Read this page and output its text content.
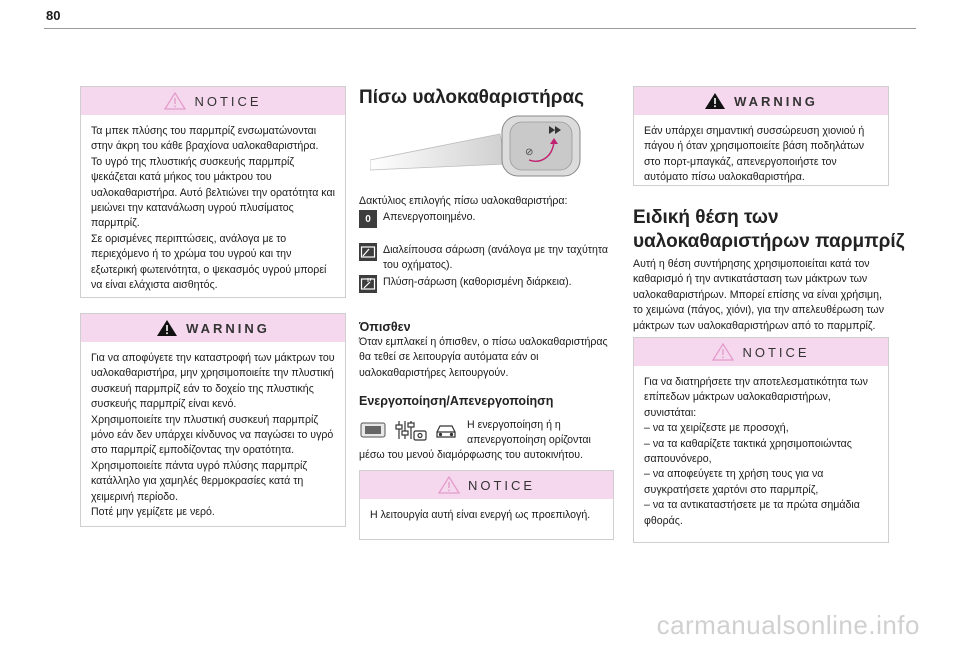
80
NOTICE

Τα μπεκ πλύσης του παρμπρίζ ενσωματώνονται στην άκρη του κάθε βραχίονα υαλοκαθαριστήρα.

Το υγρό της πλυστικής συσκευής παρμπρίζ ψεκάζεται κατά μήκος του μάκτρου του υαλοκαθαριστήρα. Αυτό βελτιώνει την ορατότητα και μειώνει την κατανάλωση υγρού πλυσίματος παρμπρίζ.

Σε ορισμένες περιπτώσεις, ανάλογα με το περιεχόμενο ή το χρώμα του υγρού και την εξωτερική φωτεινότητα, ο ψεκασμός υγρού μπορεί να είναι ελάχιστα αισθητός.

WARNING

Για να αποφύγετε την καταστροφή των μάκτρων του υαλοκαθαριστήρα, μην χρησιμοποιείτε την πλυστική συσκευή παρμπρίζ εάν το δοχείο της πλυστικής συσκευής παρμπρίζ είναι κενό.

Χρησιμοποιείτε την πλυστική συσκευή παρμπρίζ μόνο εάν δεν υπάρχει κίνδυνος να παγώσει το υγρό στο παρμπρίζ εμποδίζοντας την ορατότητα.

Χρησιμοποιείτε πάντα υγρό πλύσης παρμπρίζ κατάλληλο για χαμηλές θερμοκρασίες κατά τη χειμερινή περίοδο.

Ποτέ μην γεμίζετε με νερό.

Πίσω υαλοκαθαριστήρας
⊘
Δακτύλιος επιλογής πίσω υαλοκαθαριστήρα:
0	Απενεργοποιημένο.
Διαλείπουσα σάρωση (ανάλογα με την ταχύτητα του οχήματος).
Πλύση-σάρωση (καθορισμένη διάρκεια).
Όπισθεν
Όταν εμπλακεί η όπισθεν, ο πίσω υαλοκαθαριστήρας θα τεθεί σε λειτουργία αυτόματα εάν οι υαλοκαθαριστήρες λειτουργούν.
Ενεργοποίηση/Απενεργοποίηση
Η ενεργοποίηση ή η
απενεργοποίηση ορίζονται
μέσω του μενού διαμόρφωσης του αυτοκινήτου.
NOTICE

Η λειτουργία αυτή είναι ενεργή ως προεπιλογή.

WARNING

Εάν υπάρχει σημαντική συσσώρευση χιονιού ή πάγου ή όταν χρησιμοποιείτε βάση ποδηλάτων στο πορτ-μπαγκάζ, απενεργοποιήστε τον αυτόματο πίσω υαλοκαθαριστήρα.

Ειδική θέση των
υαλοκαθαριστήρων παρμπρίζ
Αυτή η θέση συντήρησης χρησιμοποιείται κατά τον καθαρισμό ή την αντικατάσταση των μάκτρων των υαλοκαθαριστήρων. Μπορεί επίσης να είναι χρήσιμη, το χειμώνα (πάγος, χιόνι), για την απελευθέρωση των μάκτρων των υαλοκαθαριστήρων από το παρμπρίζ.
NOTICE

Για να διατηρήσετε την αποτελεσματικότητα των επίπεδων μάκτρων υαλοκαθαριστήρων, συνιστάται:

– να τα χειρίζεστε με προσοχή,

– να τα καθαρίζετε τακτικά χρησιμοποιώντας σαπουνόνερο,

– να αποφεύγετε τη χρήση τους για να συγκρατήσετε χαρτόνι στο παρμπρίζ,

– να τα αντικαταστήσετε με τα πρώτα σημάδια φθοράς.

carmanualsonline.info
